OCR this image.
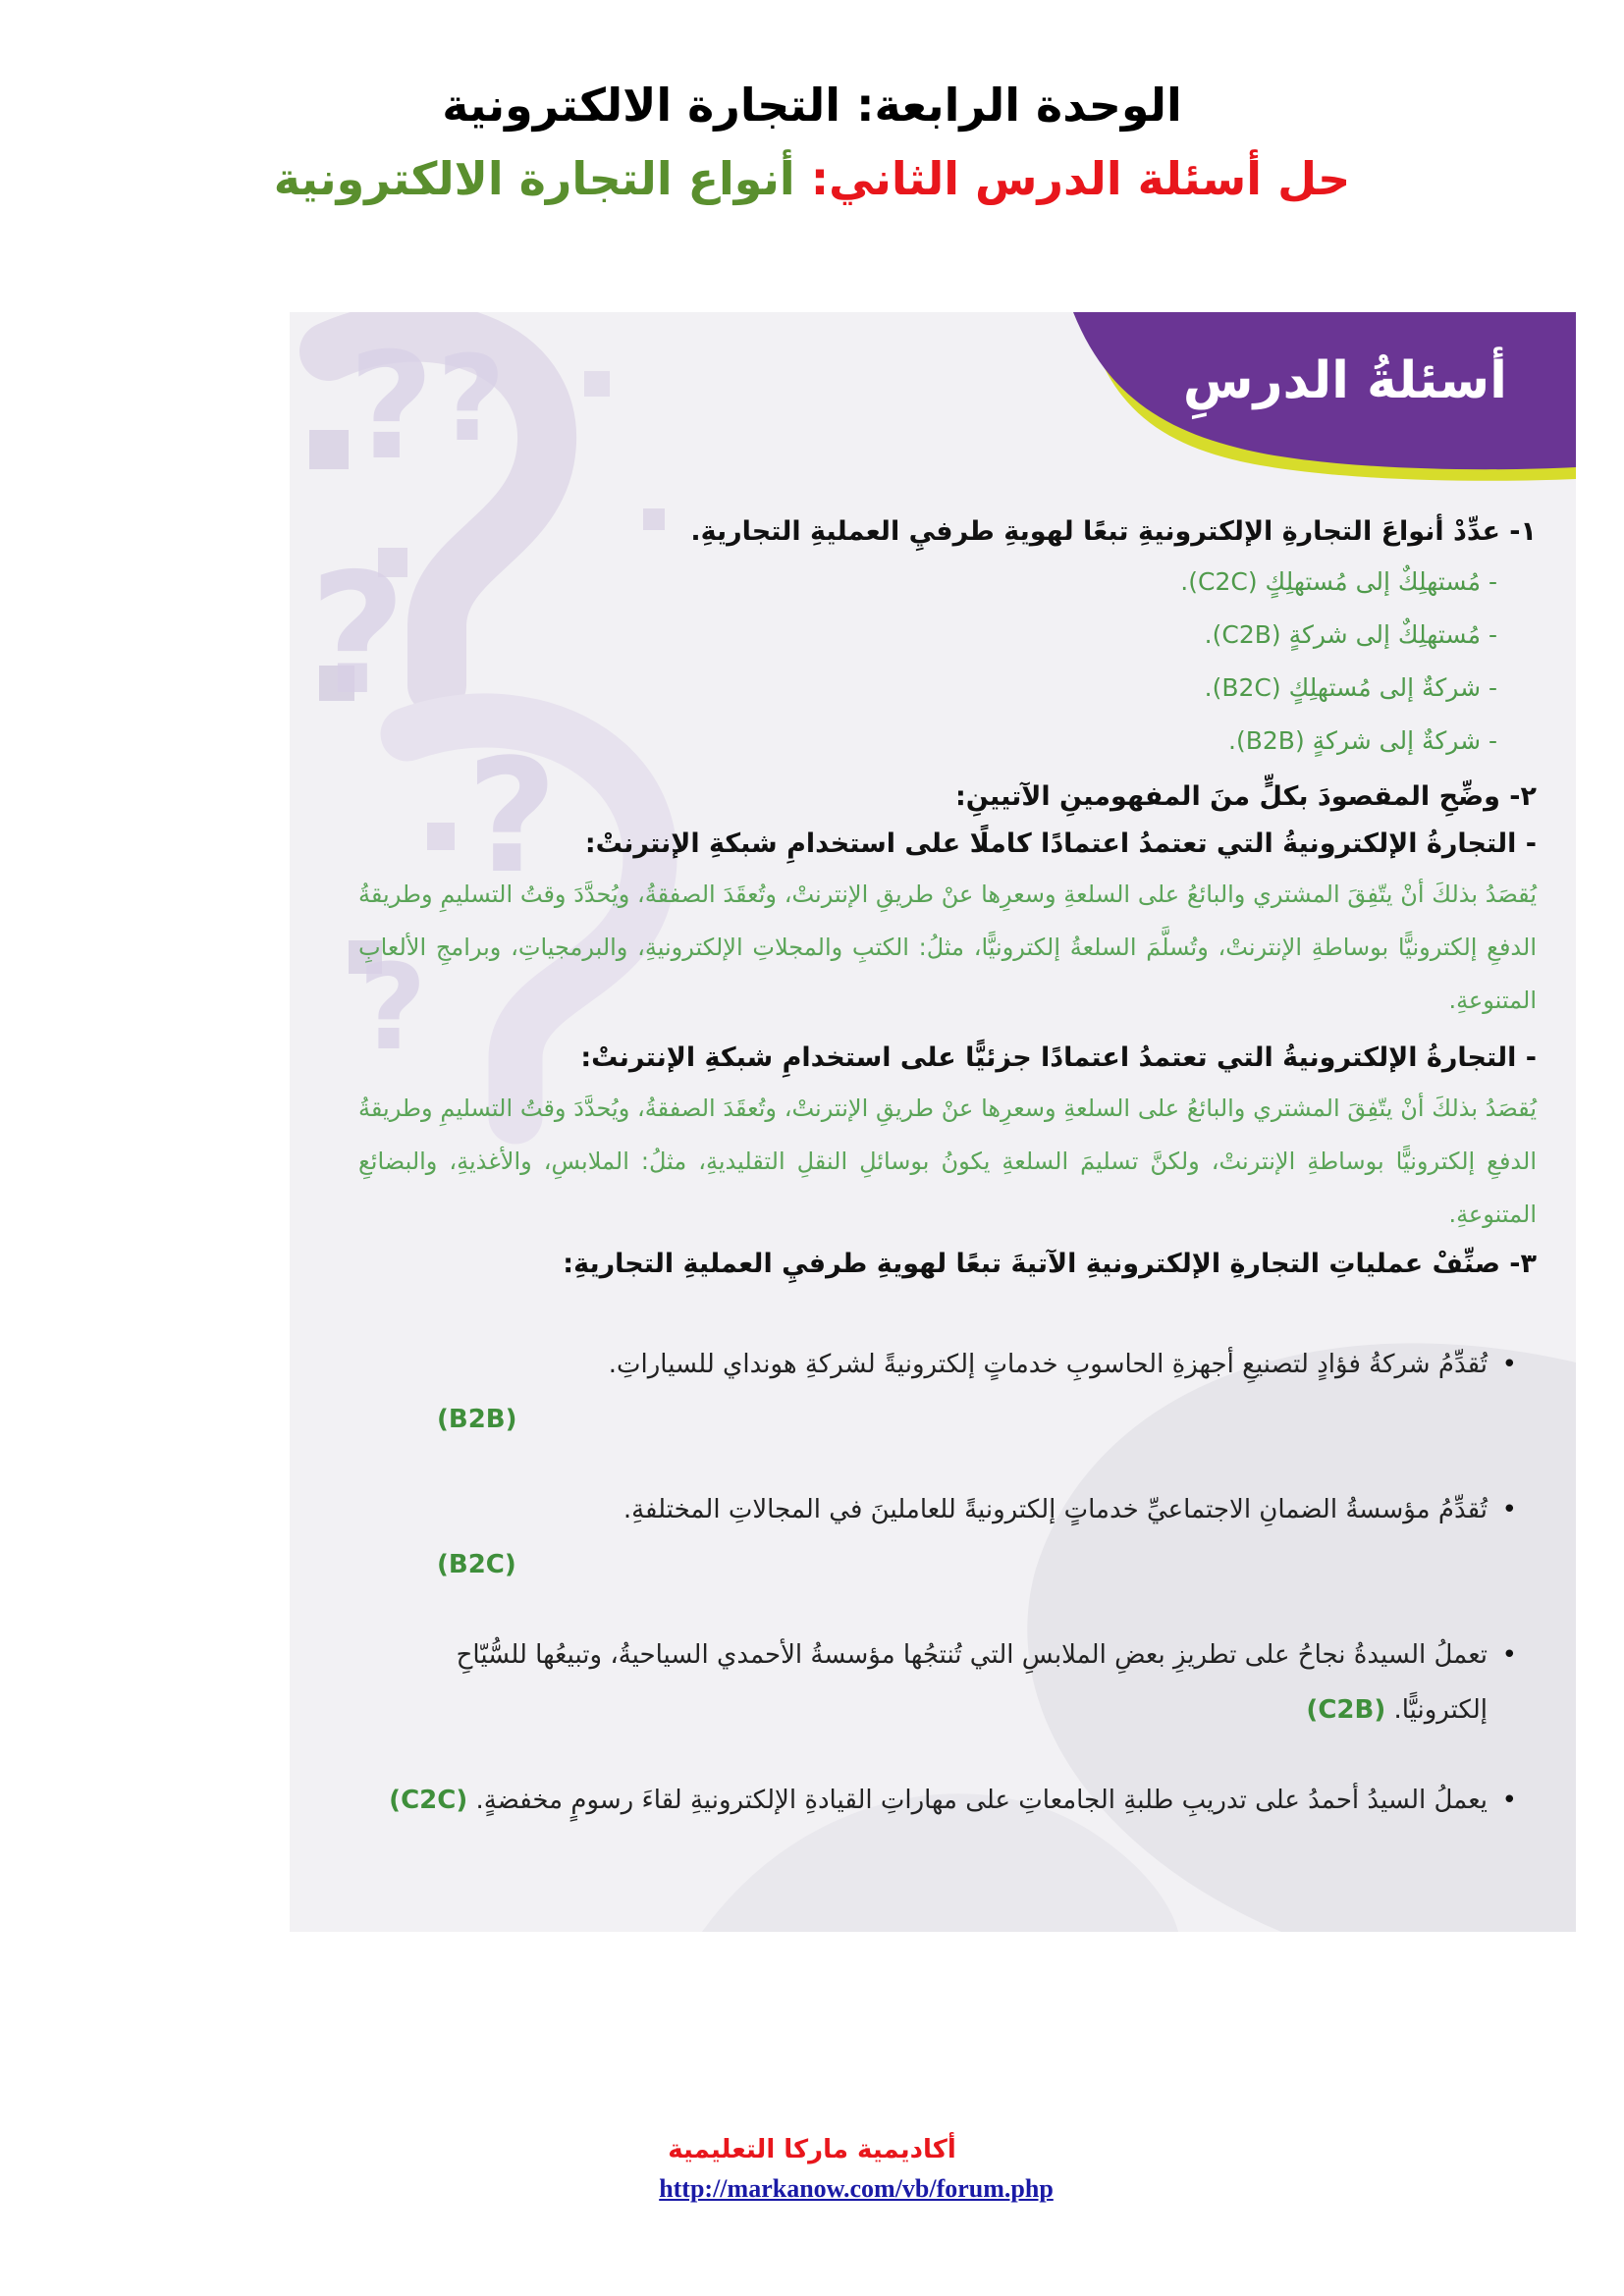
الوحدة الرابعة: التجارة الالكترونية
حل أسئلة الدرس الثاني: أنواع التجارة الالكترونية
? ?
?
?
?
أسئلةُ الدرسِ

١- عدِّدْ أنواعَ التجارةِ الإلكترونيةِ تبعًا لهويةِ طرفيِ العمليةِ التجاريةِ.

- مُستهلِكٌ إلى مُستهلِكٍ (C2C).
- مُستهلِكٌ إلى شركةٍ (C2B).
- شركةٌ إلى مُستهلِكٍ (B2C).
- شركةٌ إلى شركةٍ (B2B).

٢- وضِّحِ المقصودَ بكلٍّ منَ المفهومينِ الآتيينِ:

- التجارةُ الإلكترونيةُ التي تعتمدُ اعتمادًا كاملًا على استخدامِ شبكةِ الإنترنتْ:

يُقصَدُ بذلكَ أنْ يتّفِقَ المشتري والبائعُ على السلعةِ وسعرِها عنْ طريقِ الإنترنتْ، وتُعقَدَ الصفقةُ، ويُحدَّدَ وقتُ التسليمِ وطريقةُ الدفعِ إلكترونيًّا بوساطةِ الإنترنتْ، وتُسلَّمَ السلعةُ إلكترونيًّا، مثلُ: الكتبِ والمجلاتِ الإلكترونيةِ، والبرمجياتِ، وبرامجِ الألعابِ المتنوعةِ.

- التجارةُ الإلكترونيةُ التي تعتمدُ اعتمادًا جزئيًّا على استخدامِ شبكةِ الإنترنتْ:

يُقصَدُ بذلكَ أنْ يتّفِقَ المشتري والبائعُ على السلعةِ وسعرِها عنْ طريقِ الإنترنتْ، وتُعقَدَ الصفقةُ، ويُحدَّدَ وقتُ التسليمِ وطريقةُ الدفعِ إلكترونيًّا بوساطةِ الإنترنتْ، ولكنَّ تسليمَ السلعةِ يكونُ بوسائلِ النقلِ التقليديةِ، مثلُ: الملابسِ، والأغذيةِ، والبضائعِ المتنوعةِ.

٣- صنِّفْ عملياتِ التجارةِ الإلكترونيةِ الآتيةَ تبعًا لهويةِ طرفيِ العمليةِ التجاريةِ:

• تُقدِّمُ شركةُ فؤادٍ لتصنيعِ أجهزةِ الحاسوبِ خدماتٍ إلكترونيةً لشركةِ هونداي للسياراتِ.
(B2B)
• تُقدِّمُ مؤسسةُ الضمانِ الاجتماعيِّ خدماتٍ إلكترونيةً للعاملينَ في المجالاتِ المختلفةِ.
(B2C)
• تعملُ السيدةُ نجاحُ على تطريزِ بعضِ الملابسِ التي تُنتجُها مؤسسةُ الأحمدي السياحيةُ، وتبيعُها للسُّيّاحِ إلكترونيًّا. (C2B)
• يعملُ السيدُ أحمدُ على تدريبِ طلبةِ الجامعاتِ على مهاراتِ القيادةِ الإلكترونيةِ لقاءَ رسومٍ مخفضةٍ. (C2C)
أكاديمية ماركا التعليمية
http://markanow.com/vb/forum.php
